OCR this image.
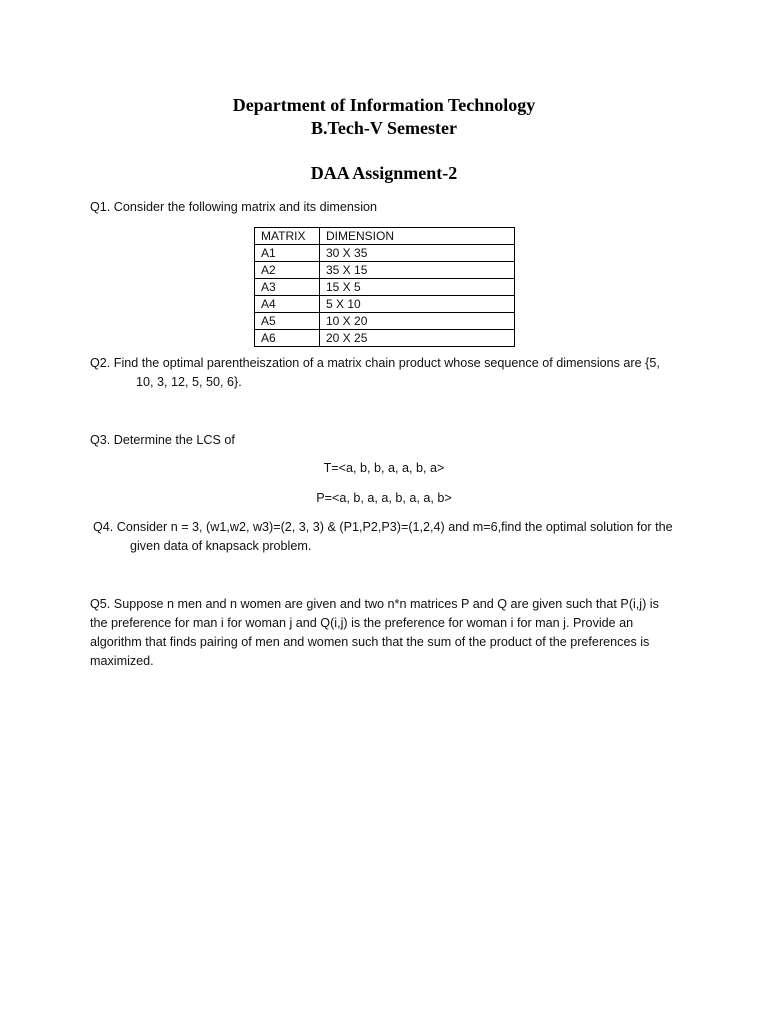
Department of Information Technology
B.Tech-V Semester
DAA Assignment-2
Q1. Consider the following matrix and its dimension
MATRIX	DIMENSION
A1	30 X 35
A2	35 X 15
A3	15 X 5
A4	5 X 10
A5	10 X 20
A6	20 X 25
Q2. Find the optimal parentheiszation of a matrix chain product whose sequence of dimensions are {5,
10, 3, 12, 5, 50, 6}.
Q3. Determine the LCS of
T=<a, b, b, a, a, b, a>
P=<a, b, a, a, b, a, a, b>
Q4. Consider n = 3, (w1,w2, w3)=(2, 3, 3) & (P1,P2,P3)=(1,2,4) and m=6,find the optimal solution for the
given data of knapsack problem.
Q5. Suppose n men and n women are given and two n*n matrices P and Q are given such that P(i,j) is the preference for man i for woman j and Q(i,j) is the preference for woman i for man j. Provide an algorithm that finds pairing of men and women such that the sum of the product of the preferences is maximized.
